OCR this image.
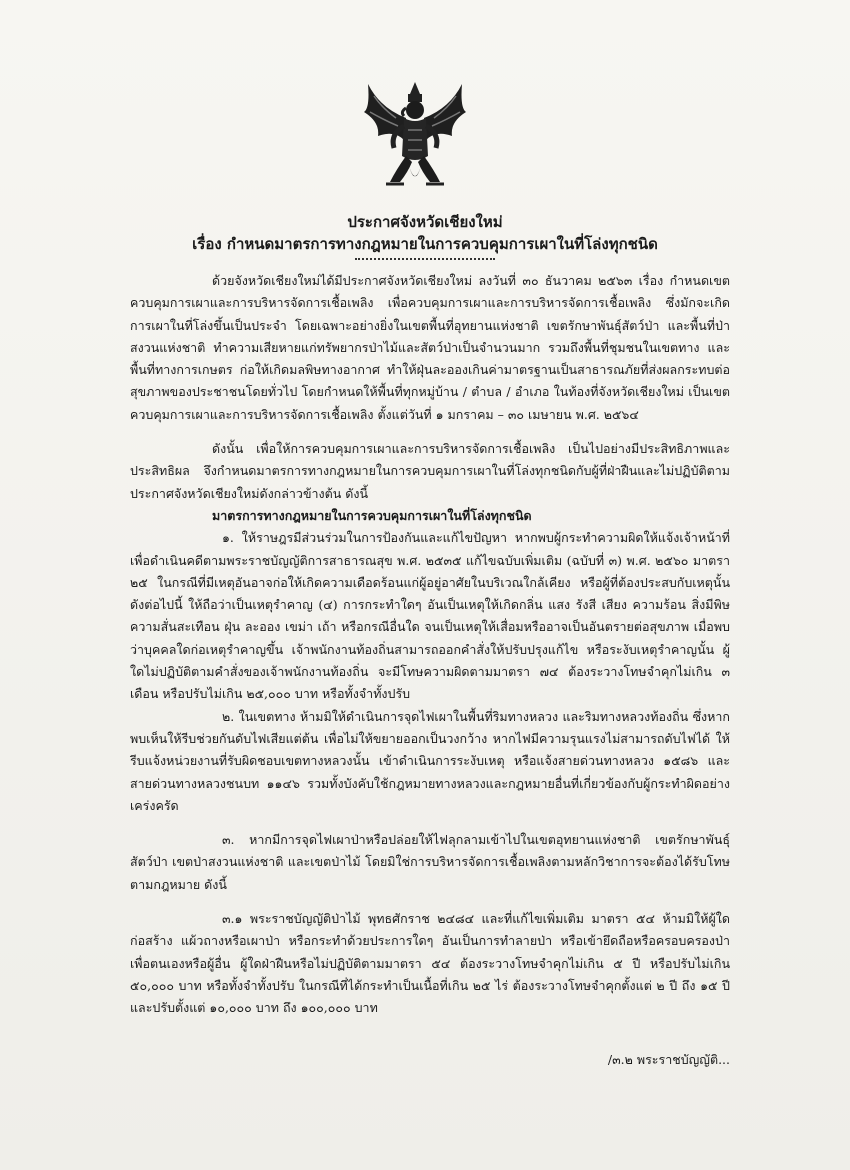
ประกาศจังหวัดเชียงใหม่
เรื่อง กำหนดมาตรการทางกฎหมายในการควบคุมการเผาในที่โล่งทุกชนิด

ด้วยจังหวัดเชียงใหม่ได้มีประกาศจังหวัดเชียงใหม่ ลงวันที่ ๓๐ ธันวาคม ๒๕๖๓ เรื่อง กำหนดเขตควบคุมการเผาและการบริหารจัดการเชื้อเพลิง เพื่อควบคุมการเผาและการบริหารจัดการเชื้อเพลิง ซึ่งมักจะเกิดการเผาในที่โล่งขึ้นเป็นประจำ โดยเฉพาะอย่างยิ่งในเขตพื้นที่อุทยานแห่งชาติ เขตรักษาพันธุ์สัตว์ป่า และพื้นที่ป่าสงวนแห่งชาติ ทำความเสียหายแก่ทรัพยากรป่าไม้และสัตว์ป่าเป็นจำนวนมาก รวมถึงพื้นที่ชุมชนในเขตทาง และพื้นที่ทางการเกษตร ก่อให้เกิดมลพิษทางอากาศ ทำให้ฝุ่นละอองเกินค่ามาตรฐานเป็นสาธารณภัยที่ส่งผลกระทบต่อสุขภาพของประชาชนโดยทั่วไป โดยกำหนดให้พื้นที่ทุกหมู่บ้าน / ตำบล / อำเภอ ในท้องที่จังหวัดเชียงใหม่ เป็นเขตควบคุมการเผาและการบริหารจัดการเชื้อเพลิง ตั้งแต่วันที่ ๑ มกราคม – ๓๐ เมษายน พ.ศ. ๒๕๖๔

ดังนั้น เพื่อให้การควบคุมการเผาและการบริหารจัดการเชื้อเพลิง เป็นไปอย่างมีประสิทธิภาพและประสิทธิผล จึงกำหนดมาตรการทางกฎหมายในการควบคุมการเผาในที่โล่งทุกชนิดกับผู้ที่ฝ่าฝืนและไม่ปฏิบัติตามประกาศจังหวัดเชียงใหม่ดังกล่าวข้างต้น ดังนี้

มาตรการทางกฎหมายในการควบคุมการเผาในที่โล่งทุกชนิด

๑. ให้ราษฎรมีส่วนร่วมในการป้องกันและแก้ไขปัญหา หากพบผู้กระทำความผิดให้แจ้งเจ้าหน้าที่ เพื่อดำเนินคดีตามพระราชบัญญัติการสาธารณสุข พ.ศ. ๒๕๓๕ แก้ไขฉบับเพิ่มเติม (ฉบับที่ ๓) พ.ศ. ๒๕๖๐ มาตรา ๒๕ ในกรณีที่มีเหตุอันอาจก่อให้เกิดความเดือดร้อนแก่ผู้อยู่อาศัยในบริเวณใกล้เคียง หรือผู้ที่ต้องประสบกับเหตุนั้นดังต่อไปนี้ ให้ถือว่าเป็นเหตุรำคาญ (๔) การกระทำใดๆ อันเป็นเหตุให้เกิดกลิ่น แสง รังสี เสียง ความร้อน สิ่งมีพิษ ความสั่นสะเทือน ฝุ่น ละออง เขม่า เถ้า หรือกรณีอื่นใด จนเป็นเหตุให้เสื่อมหรืออาจเป็นอันตรายต่อสุขภาพ เมื่อพบว่าบุคคลใดก่อเหตุรำคาญขึ้น เจ้าพนักงานท้องถิ่นสามารถออกคำสั่งให้ปรับปรุงแก้ไข หรือระงับเหตุรำคาญนั้น ผู้ใดไม่ปฏิบัติตามคำสั่งของเจ้าพนักงานท้องถิ่น จะมีโทษความผิดตามมาตรา ๗๔ ต้องระวางโทษจำคุกไม่เกิน ๓ เดือน หรือปรับไม่เกิน ๒๕,๐๐๐ บาท หรือทั้งจำทั้งปรับ

๒. ในเขตทาง ห้ามมิให้ดำเนินการจุดไฟเผาในพื้นที่ริมทางหลวง และริมทางหลวงท้องถิ่น ซึ่งหากพบเห็นให้รีบช่วยกันดับไฟเสียแต่ต้น เพื่อไม่ให้ขยายออกเป็นวงกว้าง หากไฟมีความรุนแรงไม่สามารถดับไฟได้ ให้รีบแจ้งหน่วยงานที่รับผิดชอบเขตทางหลวงนั้น เข้าดำเนินการระงับเหตุ หรือแจ้งสายด่วนทางหลวง ๑๕๘๖ และสายด่วนทางหลวงชนบท ๑๑๔๖ รวมทั้งบังคับใช้กฎหมายทางหลวงและกฎหมายอื่นที่เกี่ยวข้องกับผู้กระทำผิดอย่างเคร่งครัด

๓. หากมีการจุดไฟเผาป่าหรือปล่อยให้ไฟลุกลามเข้าไปในเขตอุทยานแห่งชาติ เขตรักษาพันธุ์สัตว์ป่า เขตป่าสงวนแห่งชาติ และเขตป่าไม้ โดยมิใช่การบริหารจัดการเชื้อเพลิงตามหลักวิชาการจะต้องได้รับโทษตามกฎหมาย ดังนี้

๓.๑ พระราชบัญญัติป่าไม้ พุทธศักราช ๒๔๘๔ และที่แก้ไขเพิ่มเติม มาตรา ๕๔ ห้ามมิให้ผู้ใดก่อสร้าง แผ้วถางหรือเผาป่า หรือกระทำด้วยประการใดๆ อันเป็นการทำลายป่า หรือเข้ายึดถือหรือครอบครองป่าเพื่อตนเองหรือผู้อื่น ผู้ใดฝ่าฝืนหรือไม่ปฏิบัติตามมาตรา ๕๔ ต้องระวางโทษจำคุกไม่เกิน ๕ ปี หรือปรับไม่เกิน ๕๐,๐๐๐ บาท หรือทั้งจำทั้งปรับ ในกรณีที่ได้กระทำเป็นเนื้อที่เกิน ๒๕ ไร่ ต้องระวางโทษจำคุกตั้งแต่ ๒ ปี ถึง ๑๕ ปี และปรับตั้งแต่ ๑๐,๐๐๐ บาท ถึง ๑๐๐,๐๐๐ บาท

/๓.๒ พระราชบัญญัติ...
